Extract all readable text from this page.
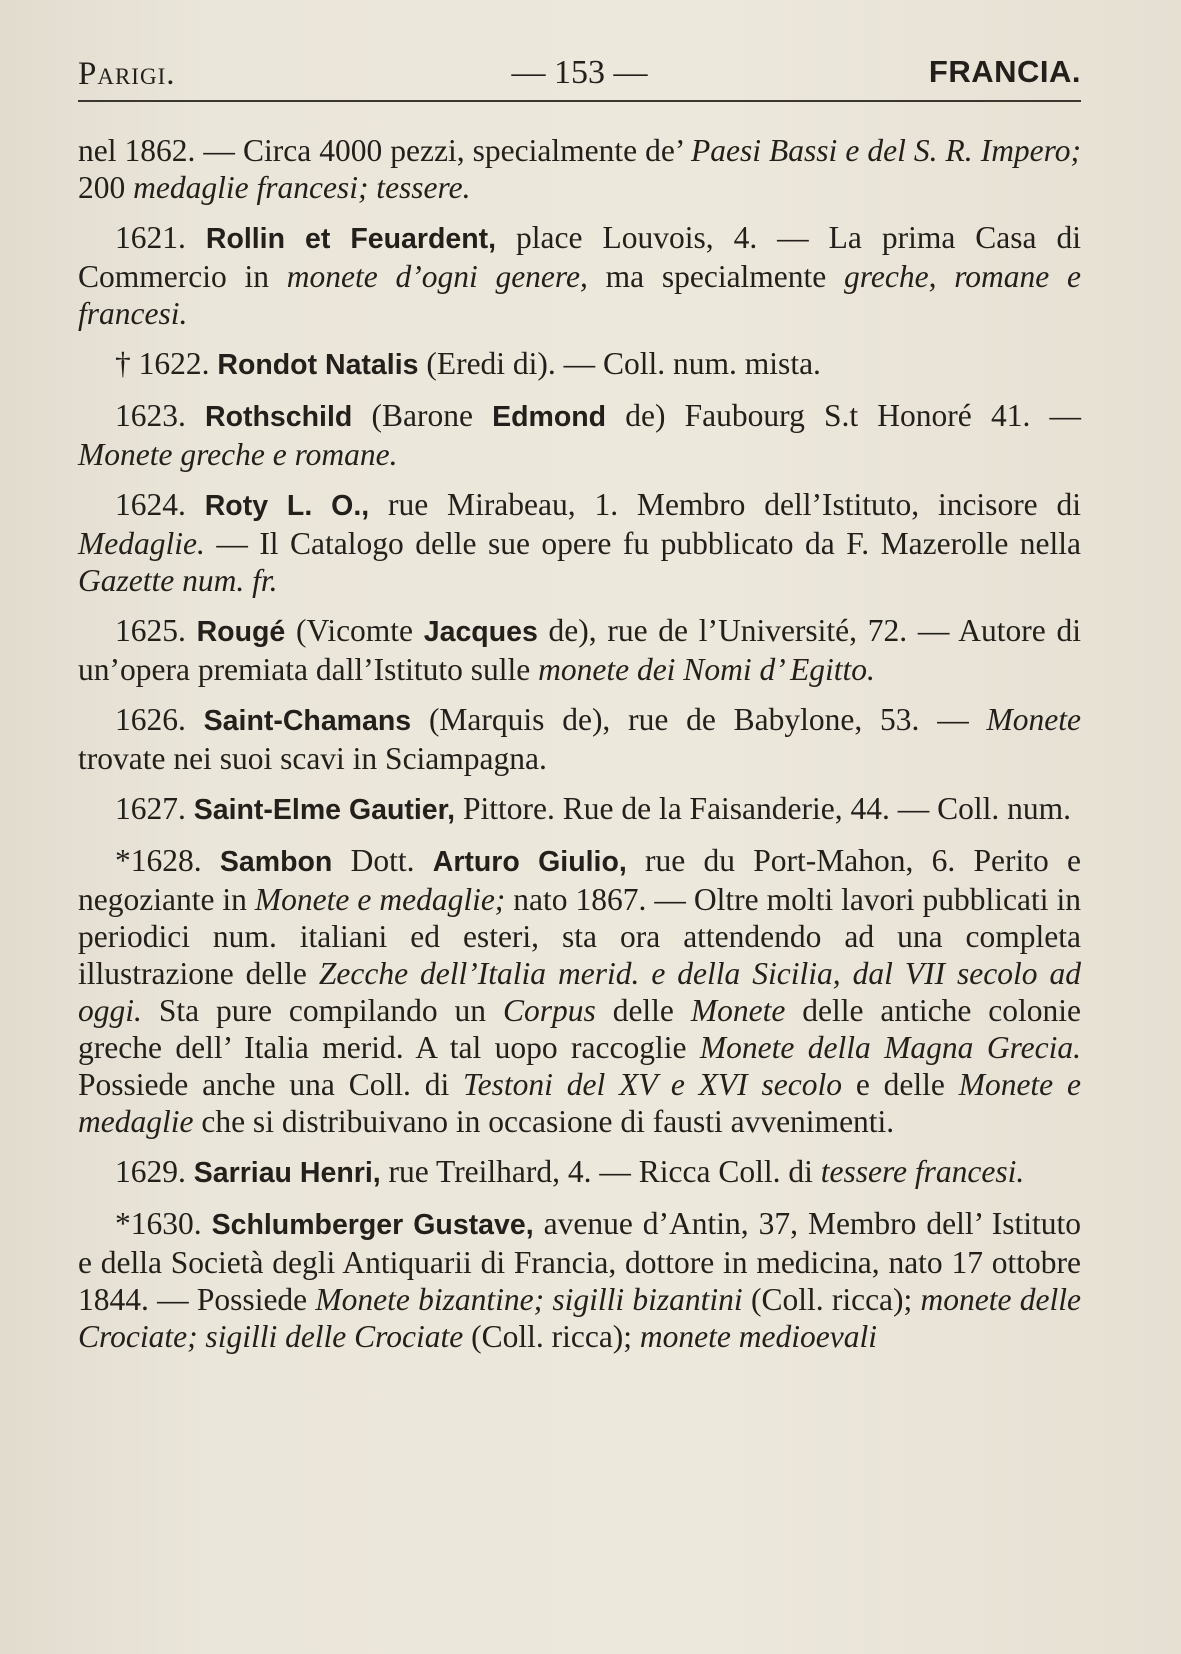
Parigi.	— 153 —	FRANCIA.

nel 1862. — Circa 4000 pezzi, specialmente de’ Paesi Bassi e del S. R. Impero; 200 medaglie francesi; tessere.

1621. Rollin et Feuardent, place Louvois, 4. — La prima Casa di Commercio in monete d’ogni genere, ma specialmente greche, romane e francesi.

† 1622. Rondot Natalis (Eredi di). — Coll. num. mista.

1623. Rothschild (Barone Edmond de) Faubourg S.t Honoré 41. — Monete greche e romane.

1624. Roty L. O., rue Mirabeau, 1. Membro dell’Istituto, incisore di Medaglie. — Il Catalogo delle sue opere fu pubblicato da F. Mazerolle nella Gazette num. fr.

1625. Rougé (Vicomte Jacques de), rue de l’Université, 72. — Autore di un’opera premiata dall’Istituto sulle monete dei Nomi d’ Egitto.

1626. Saint-Chamans (Marquis de), rue de Babylone, 53. — Monete trovate nei suoi scavi in Sciampagna.

1627. Saint-Elme Gautier, Pittore. Rue de la Faisanderie, 44. — Coll. num.

*1628. Sambon Dott. Arturo Giulio, rue du Port-Mahon, 6. Perito e negoziante in Monete e medaglie; nato 1867. — Oltre molti lavori pubblicati in periodici num. italiani ed esteri, sta ora attendendo ad una completa illustrazione delle Zecche dell’Italia merid. e della Sicilia, dal VII secolo ad oggi. Sta pure compilando un Corpus delle Monete delle antiche colonie greche dell’ Italia merid. A tal uopo raccoglie Monete della Magna Grecia. Possiede anche una Coll. di Testoni del XV e XVI secolo e delle Monete e medaglie che si distribuivano in occasione di fausti avvenimenti.

1629. Sarriau Henri, rue Treilhard, 4. — Ricca Coll. di tessere francesi.

*1630. Schlumberger Gustave, avenue d’Antin, 37, Membro dell’ Istituto e della Società degli Antiquarii di Francia, dottore in medicina, nato 17 ottobre 1844. — Possiede Monete bizantine; sigilli bizantini (Coll. ricca); monete delle Crociate; sigilli delle Crociate (Coll. ricca); monete medioevali
